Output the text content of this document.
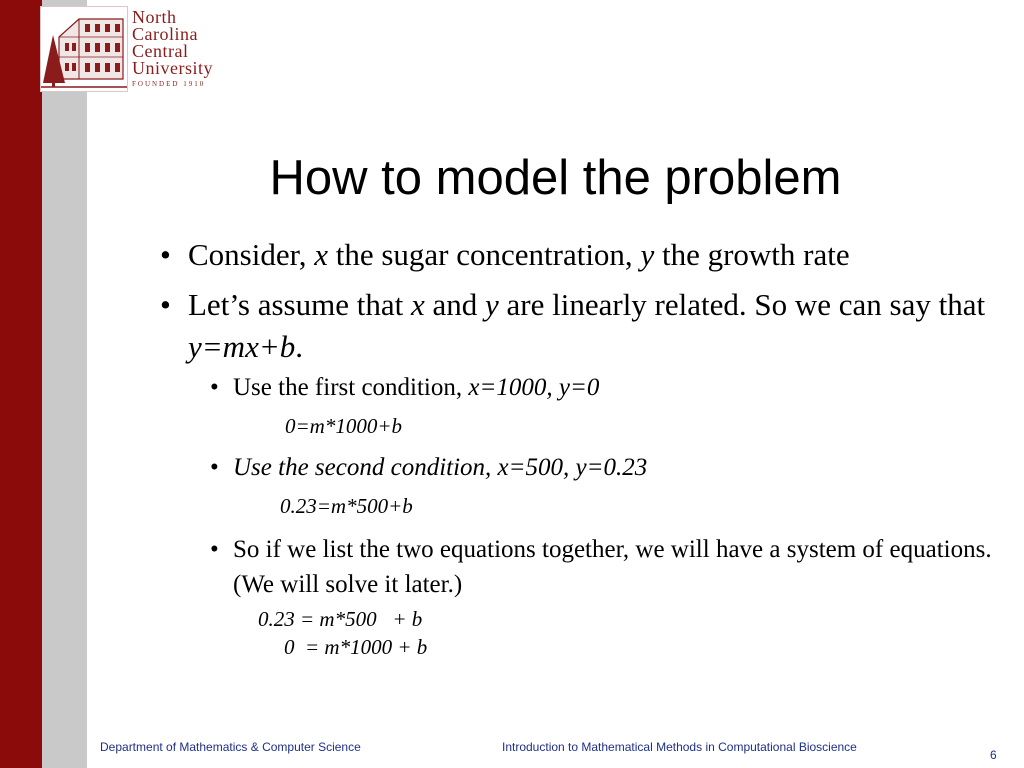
North
Carolina
Central
University
FOUNDED 1910
How to model the problem
• Consider, x the sugar concentration, y the growth rate
• Let’s assume that x and y are linearly related. So we can say that y=mx+b.
• Use the first condition, x=1000, y=0
0=m*1000+b
• Use the second condition, x=500, y=0.23
0.23=m*500+b
• So if we list the two equations together, we will have a system of equations. (We will solve it later.)
0.23 = m*500   + b
0  = m*1000 + b
Department of Mathematics & Computer Science	Introduction to Mathematical Methods in Computational Bioscience
6
